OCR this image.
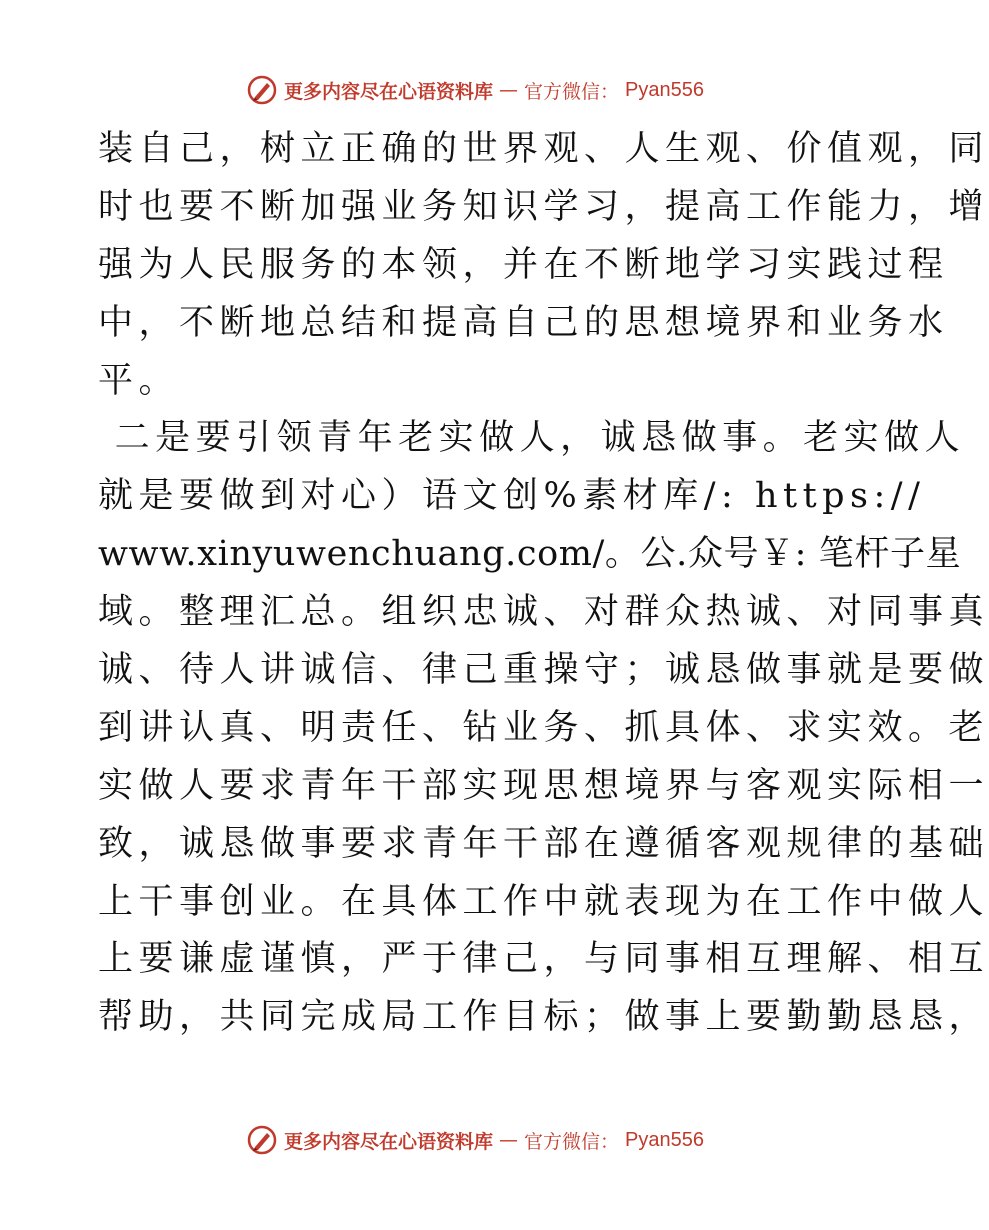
更多内容尽在心语资料库 — 官方微信： Pyan556
装自己，树立正确的世界观、人生观、价值观，同
时也要不断加强业务知识学习，提高工作能力，增
强为人民服务的本领，并在不断地学习实践过程
中，不断地总结和提高自己的思想境界和业务水
平。
二是要引领青年老实做人，诚恳做事。老实做人
就是要做到对心）语文创%素材库/: https://
www.xinyuwenchuang.com/。公.众号￥: 笔杆子星
域。整理汇总。组织忠诚、对群众热诚、对同事真
诚、待人讲诚信、律己重操守；诚恳做事就是要做
到讲认真、明责任、钻业务、抓具体、求实效。老
实做人要求青年干部实现思想境界与客观实际相一
致，诚恳做事要求青年干部在遵循客观规律的基础
上干事创业。在具体工作中就表现为在工作中做人
上要谦虚谨慎，严于律己，与同事相互理解、相互
帮助，共同完成局工作目标；做事上要勤勤恳恳，
更多内容尽在心语资料库 — 官方微信： Pyan556
